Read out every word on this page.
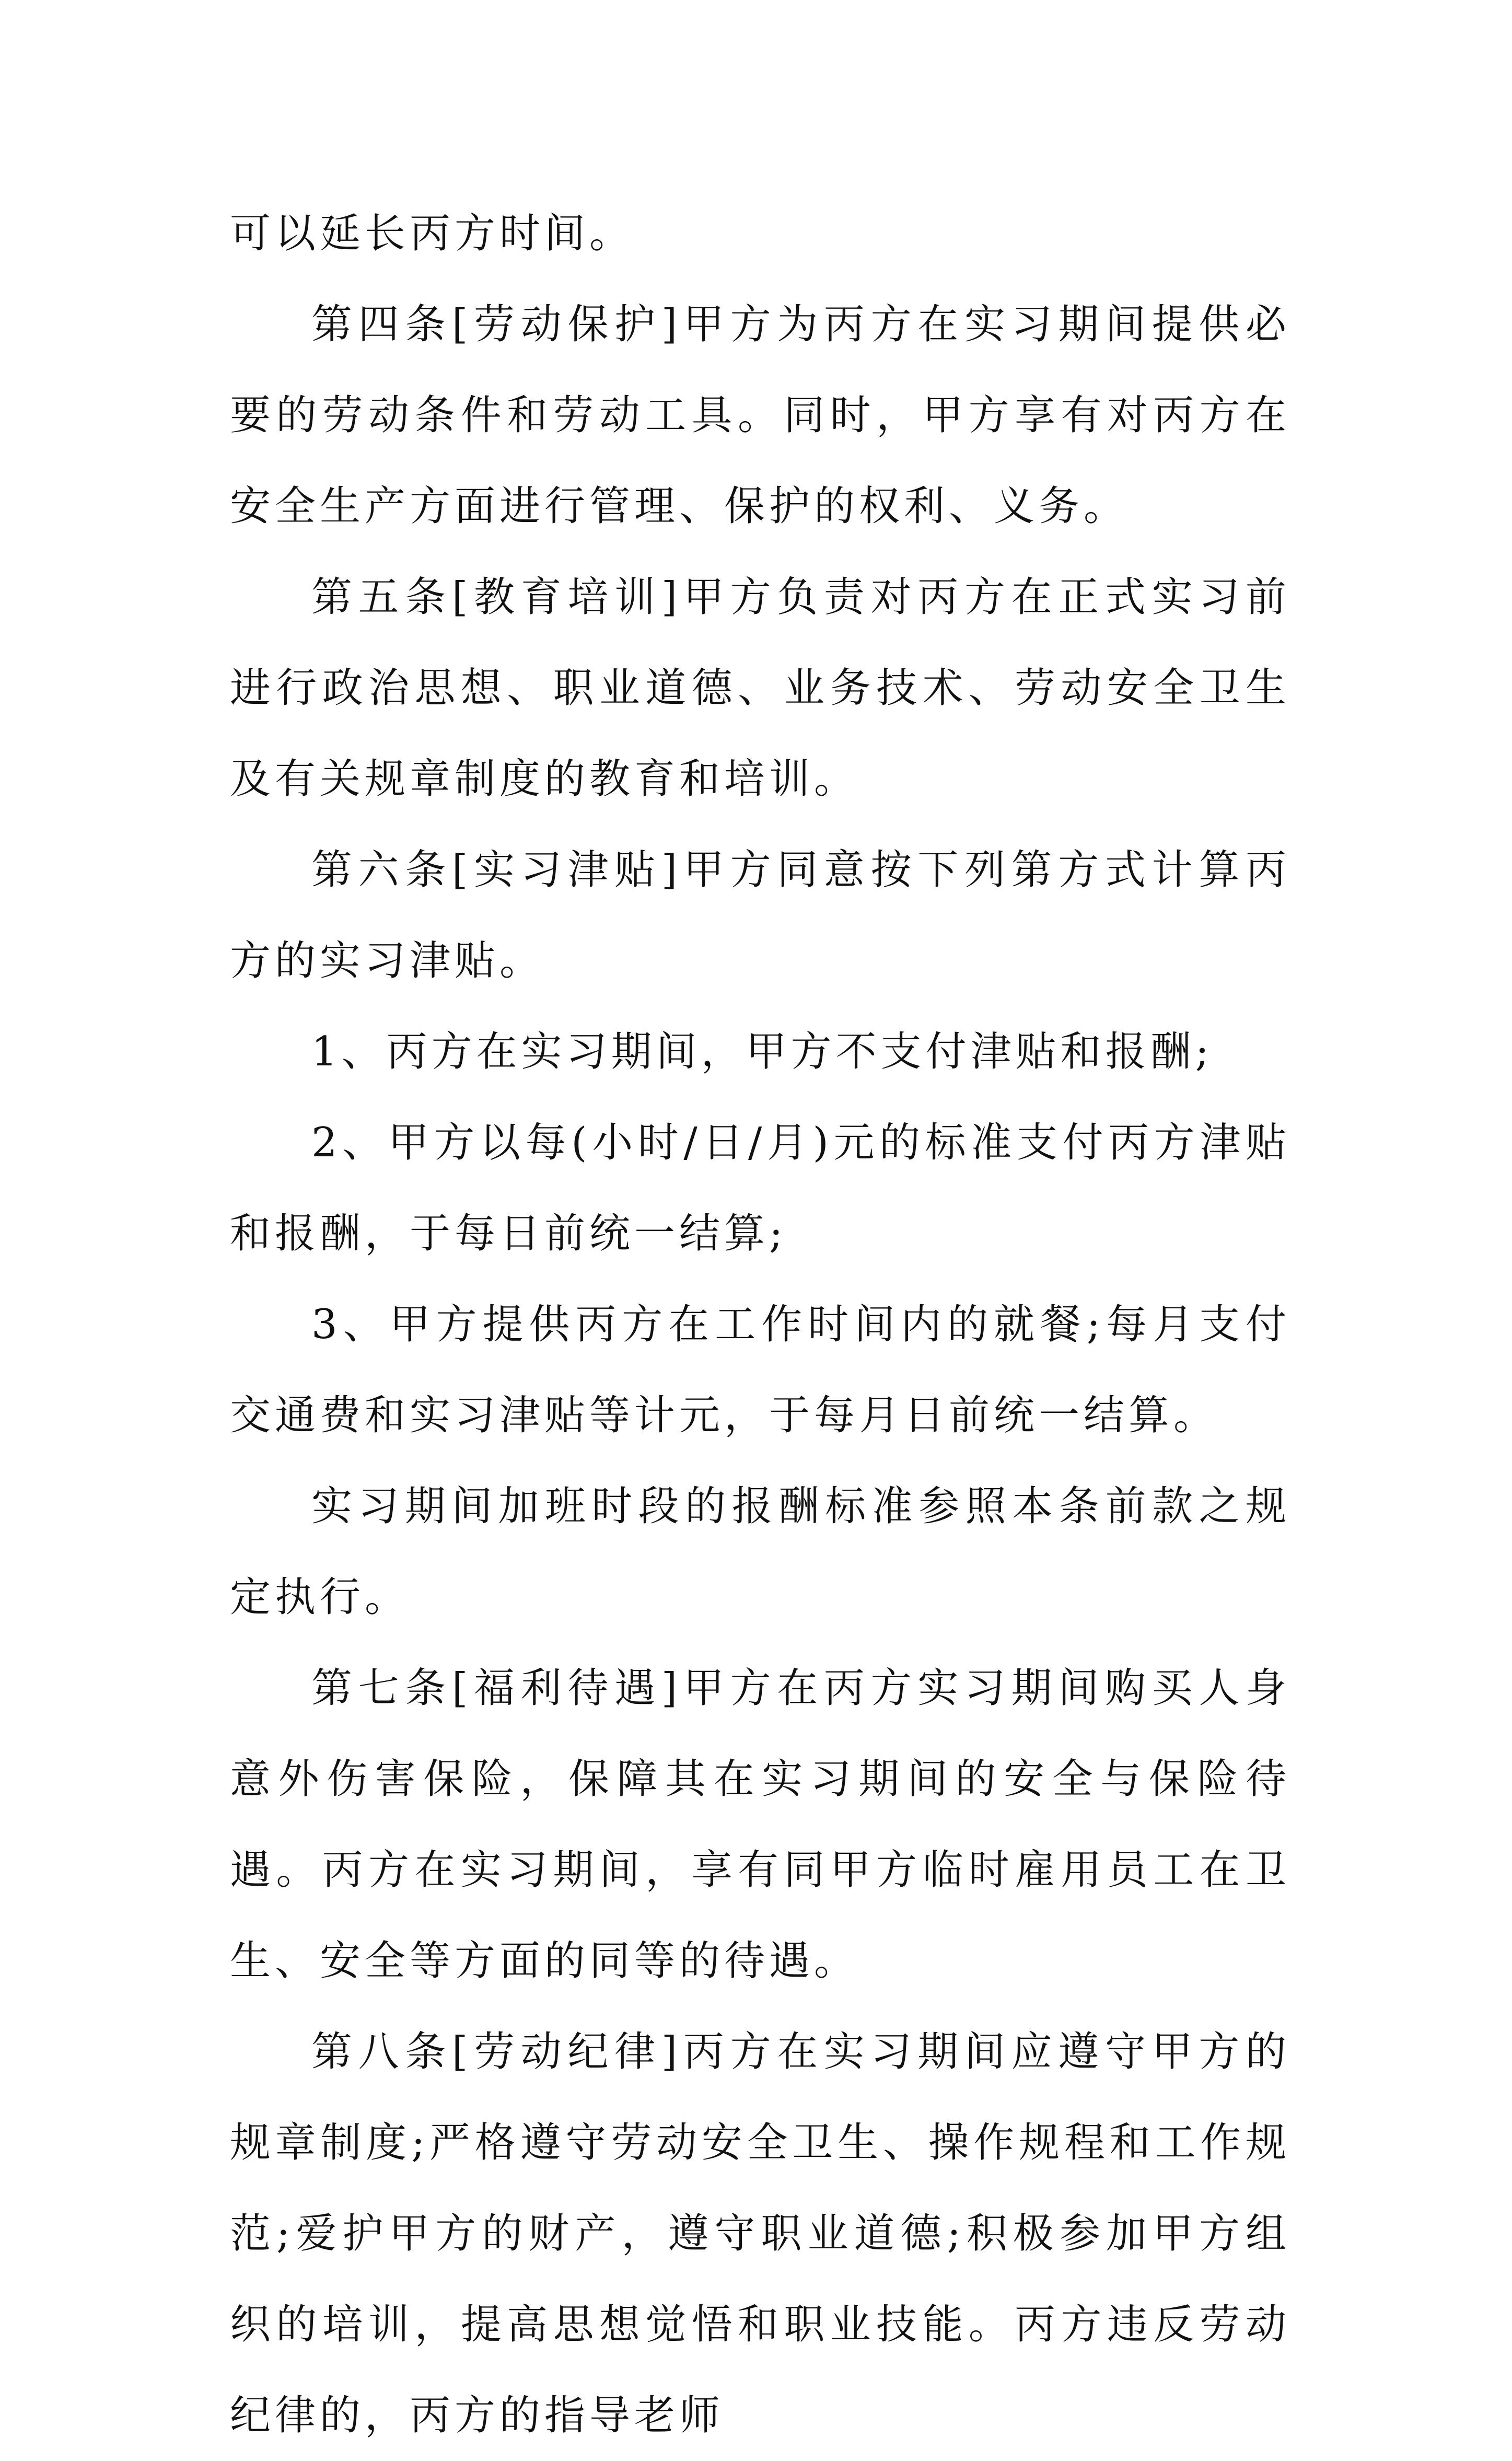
可以延长丙方时间。

第四条[劳动保护]甲方为丙方在实习期间提供必要的劳动条件和劳动工具。同时，甲方享有对丙方在安全生产方面进行管理、保护的权利、义务。

第五条[教育培训]甲方负责对丙方在正式实习前进行政治思想、职业道德、业务技术、劳动安全卫生及有关规章制度的教育和培训。

第六条[实习津贴]甲方同意按下列第方式计算丙方的实习津贴。

1、丙方在实习期间，甲方不支付津贴和报酬;

2、甲方以每(小时/日/月)元的标准支付丙方津贴和报酬，于每日前统一结算;

3、甲方提供丙方在工作时间内的就餐;每月支付交通费和实习津贴等计元，于每月日前统一结算。

实习期间加班时段的报酬标准参照本条前款之规定执行。

第七条[福利待遇]甲方在丙方实习期间购买人身意外伤害保险，保障其在实习期间的安全与保险待遇。丙方在实习期间，享有同甲方临时雇用员工在卫生、安全等方面的同等的待遇。

第八条[劳动纪律]丙方在实习期间应遵守甲方的规章制度;严格遵守劳动安全卫生、操作规程和工作规范;爱护甲方的财产，遵守职业道德;积极参加甲方组织的培训，提高思想觉悟和职业技能。丙方违反劳动纪律的，丙方的指导老师
